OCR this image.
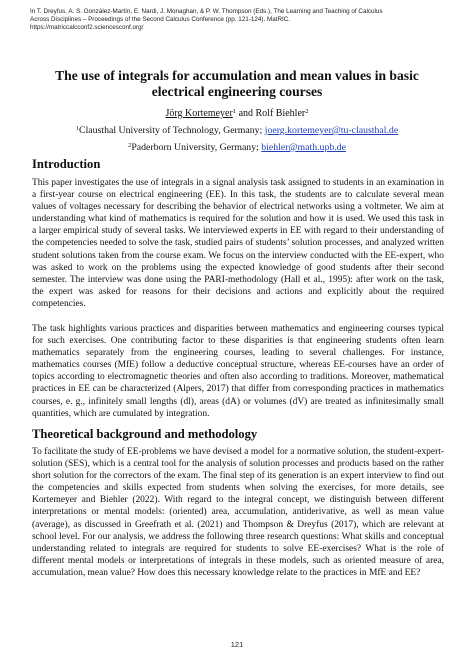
In T. Dreyfus, A. S. González-Martín, E. Nardi, J. Monaghan, & P. W. Thompson (Eds.), The Learning and Teaching of Calculus
Across Disciplines – Proceedings of the Second Calculus Conference (pp. 121-124). MatRIC.
https://matriccalcconf2.sciencesconf.org/
The use of integrals for accumulation and mean values in basic electrical engineering courses
Jörg Kortemeyer$^1$ and Rolf Biehler$^2$
$^1$Clausthal University of Technology, Germany; joerg.kortemeyer@tu-clausthal.de
$^2$Paderborn University, Germany; biehler@math.upb.de
Introduction

This paper investigates the use of integrals in a signal analysis task assigned to students in an examination in a first-year course on electrical engineering (EE). In this task, the students are to calculate several mean values of voltages necessary for describing the behavior of electrical networks using a voltmeter. We aim at understanding what kind of mathematics is required for the solution and how it is used. We used this task in a larger empirical study of several tasks. We interviewed experts in EE with regard to their understanding of the competencies needed to solve the task, studied pairs of students’ solution processes, and analyzed written student solutions taken from the course exam. We focus on the interview conducted with the EE-expert, who was asked to work on the problems using the expected knowledge of good students after their second semester. The interview was done using the PARI-methodology (Hall et al., 1995): after work on the task, the expert was asked for reasons for their decisions and actions and explicitly about the required competencies.

The task highlights various practices and disparities between mathematics and engineering courses typical for such exercises. One contributing factor to these disparities is that engineering students often learn mathematics separately from the engineering courses, leading to several challenges. For instance, mathematics courses (MfE) follow a deductive conceptual structure, whereas EE-courses have an order of topics according to electromagnetic theories and often also according to traditions. Moreover, mathematical practices in EE can be characterized (Alpers, 2017) that differ from corresponding practices in mathematics courses, e. g., infinitely small lengths (dl), areas (dA) or volumes (dV) are treated as infinitesimally small quantities, which are cumulated by integration.

Theoretical background and methodology

To facilitate the study of EE-problems we have devised a model for a normative solution, the student-expert-solution (SES), which is a central tool for the analysis of solution processes and products based on the rather short solution for the correctors of the exam. The final step of its generation is an expert interview to find out the competencies and skills expected from students when solving the exercises, for more details, see Kortemeyer and Biehler (2022). With regard to the integral concept, we distinguish between different interpretations or mental models: (oriented) area, accumulation, antiderivative, as well as mean value (average), as discussed in Greefrath et al. (2021) and Thompson & Dreyfus (2017), which are relevant at school level. For our analysis, we address the following three research questions: What skills and conceptual understanding related to integrals are required for students to solve EE-exercises? What is the role of different mental models or interpretations of integrals in these models, such as oriented measure of area, accumulation, mean value? How does this necessary knowledge relate to the practices in MfE and EE?

121
